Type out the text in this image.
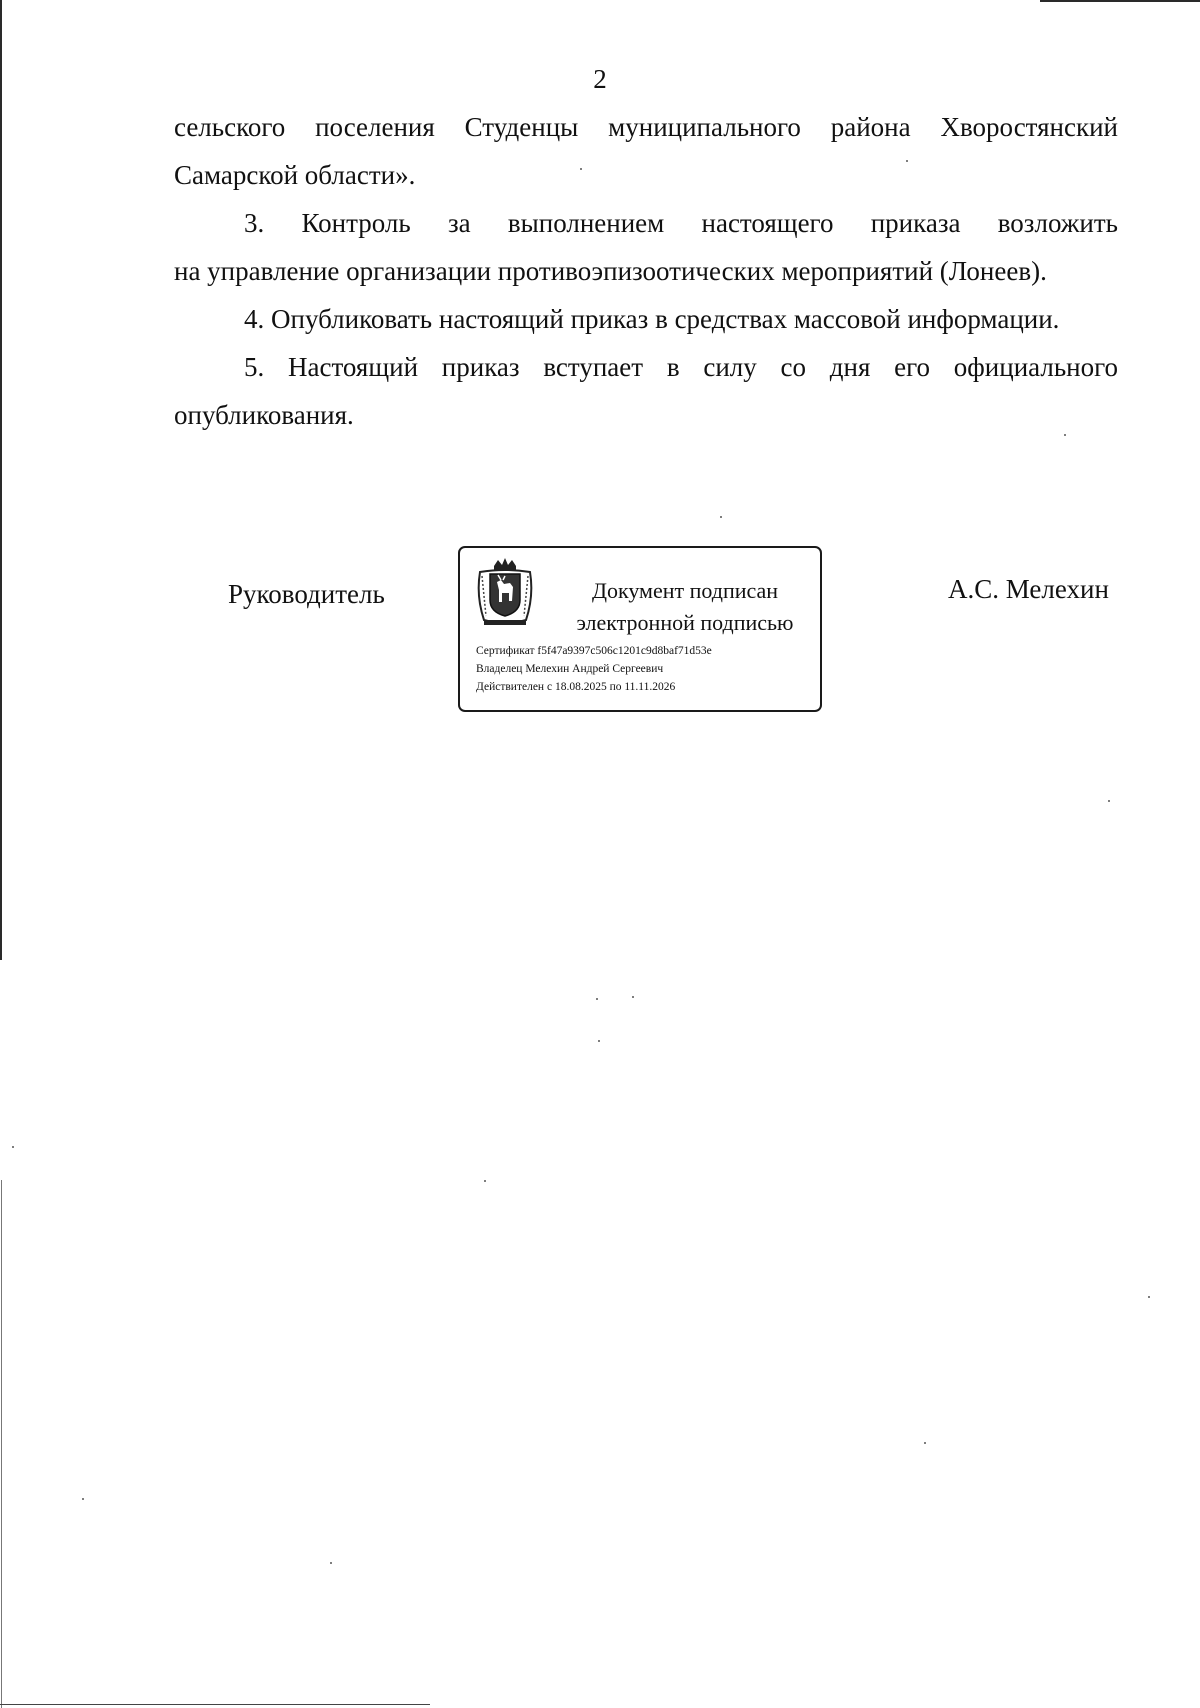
2
сельского поселения Студенцы муниципального района Хворостянский
Самарской области».
3. Контроль за выполнением настоящего приказа возложить
на управление организации противоэпизоотических мероприятий (Лонеев).
4. Опубликовать настоящий приказ в средствах массовой информации.
5. Настоящий приказ вступает в силу со дня его официального
опубликования.
Руководитель	Документ подписан
электронной подписью
Сертификат f5f47a9397c506c1201c9d8baf71d53e
Владелец Мелехин Андрей Сергеевич
Действителен с 18.08.2025 по 11.11.2026
А.С. Мелехин
